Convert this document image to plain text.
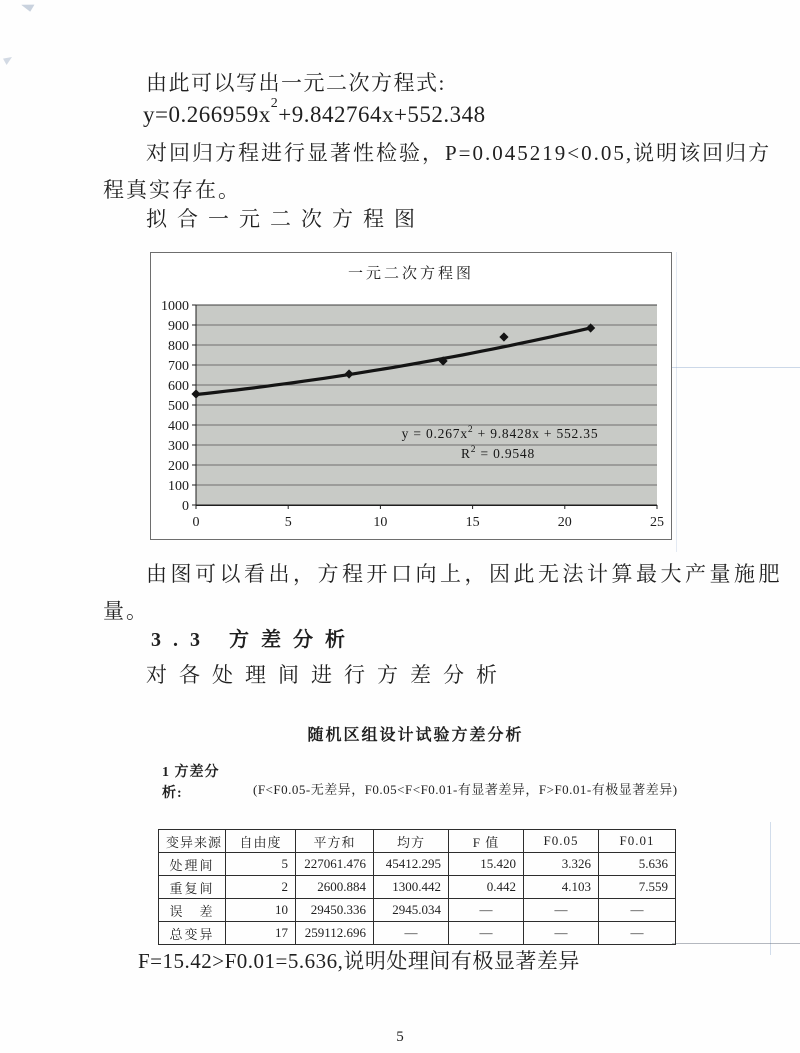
由此可以写出一元二次方程式:

$y=0.266959x^2+9.842764x+552.348$

对回归方程进行显著性检验，P=0.045219<0.05,说明该回归方

程真实存在。

拟合一元二次方程图

一元二次方程图
0
100
200
300
400
500
600
700
800
900
1000
0	5	10	15	20	25
$y = 0.267x^2 + 9.8428x + 552.35$
$R^2 = 0.9548$

由图可以看出，方程开口向上，因此无法计算最大产量施肥

量。

3.3 方差分析

对各处理间进行方差分析

随机区组设计试验方差分析
1 方差分
析:	(F<F0.05-无差异，F0.05<F<F0.01-有显著差异，F>F0.01-有极显著差异)
变异来源	自由度	平方和	均方	F 值	F0.05	F0.01
处理间	5	227061.476	45412.295	15.420	3.326	5.636
重复间	2	2600.884	1300.442	0.442	4.103	7.559
误　差	10	29450.336	2945.034	—	—	—
总变异	17	259112.696	—	—	—	—

F=15.42>F0.01=5.636,说明处理间有极显著差异

5
